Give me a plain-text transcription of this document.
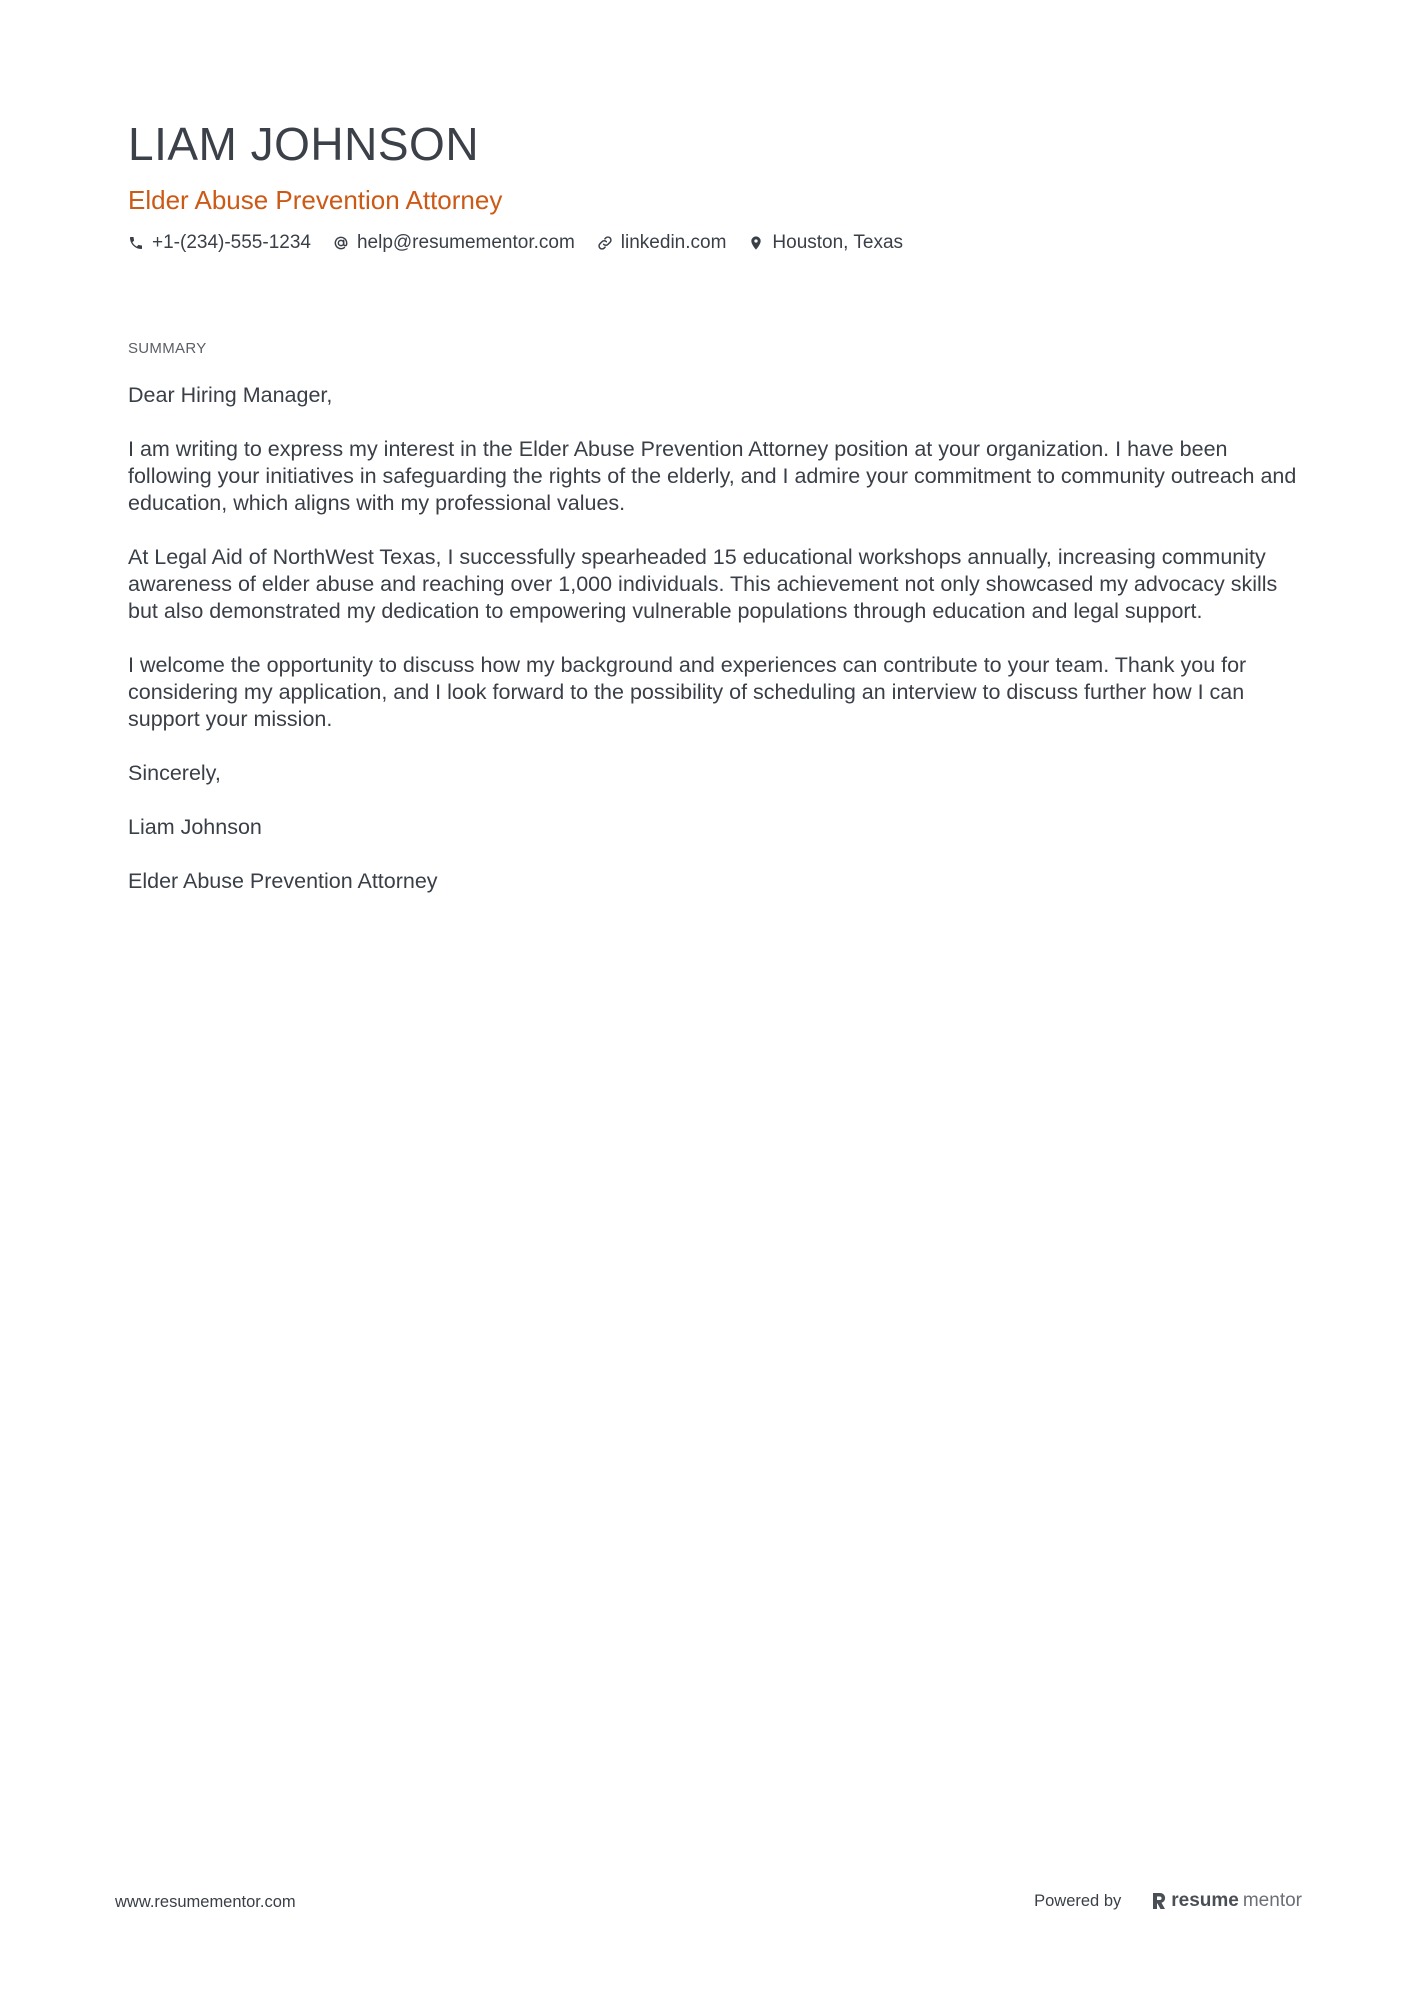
LIAM JOHNSON
Elder Abuse Prevention Attorney
+1-(234)-555-1234 help@resumementor.com linkedin.com Houston, Texas
SUMMARY

Dear Hiring Manager,

I am writing to express my interest in the Elder Abuse Prevention Attorney position at your organization. I have been following your initiatives in safeguarding the rights of the elderly, and I admire your commitment to community outreach and education, which aligns with my professional values.

At Legal Aid of NorthWest Texas, I successfully spearheaded 15 educational workshops annually, increasing community awareness of elder abuse and reaching over 1,000 individuals. This achievement not only showcased my advocacy skills but also demonstrated my dedication to empowering vulnerable populations through education and legal support.

I welcome the opportunity to discuss how my background and experiences can contribute to your team. Thank you for considering my application, and I look forward to the possibility of scheduling an interview to discuss further how I can support your mission.

Sincerely,

Liam Johnson

Elder Abuse Prevention Attorney

www.resumementor.com	Powered by	resume mentor
